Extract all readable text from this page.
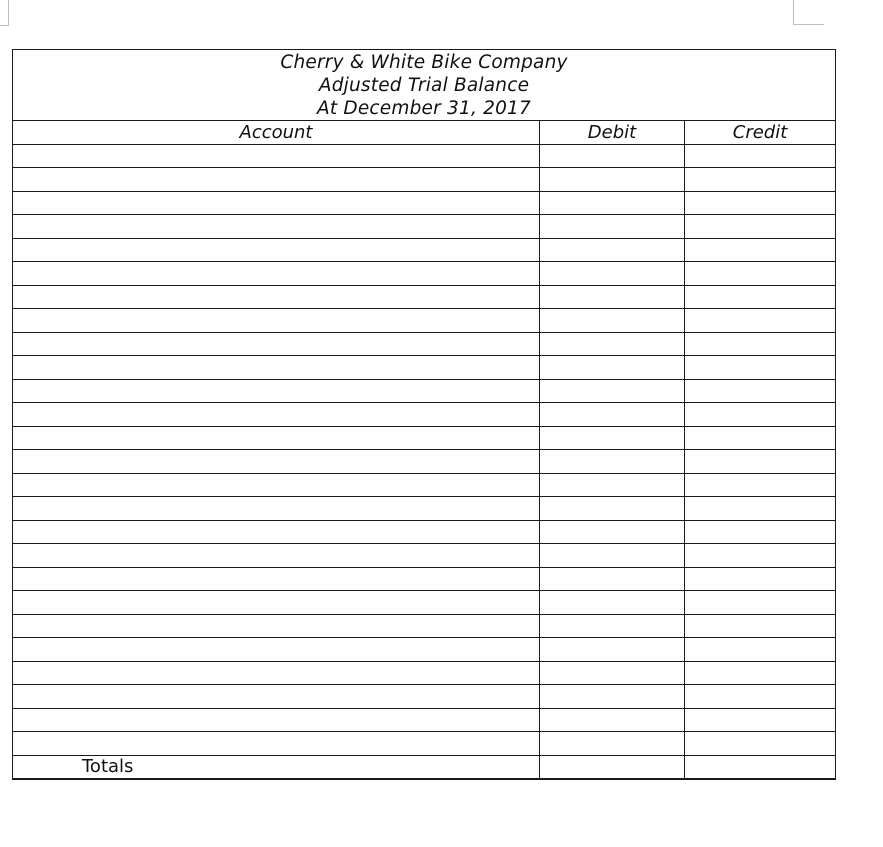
Cherry & White Bike Company
Adjusted Trial Balance
At December 31, 2017		

Account	Debit	Credit

Totals		
